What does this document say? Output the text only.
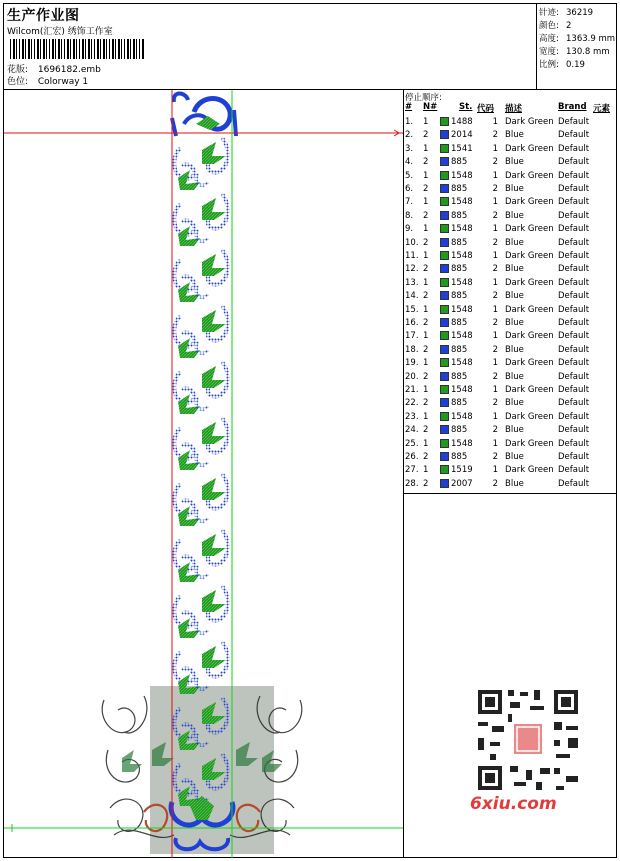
生产作业图
Wilcom(汇宏) 绣饰工作室
花版: 1696182.emb
色位: Colorway 1
针迹: 36219
颜色: 2
高度: 1363.9 mm
宽度: 130.8 mm
比例: 0.19
停止顺序:
# N#	St. 代码 描述	Brand 元素
1. 1	1488	1 Dark Green Default
2. 2	2014	2 Blue	Default
3. 1	1541	1 Dark Green Default
4. 2	885	2 Blue	Default
5. 1	1548	1 Dark Green Default
6. 2	885	2 Blue	Default
7. 1	1548	1 Dark Green Default
8. 2	885	2 Blue	Default
9. 1	1548	1 Dark Green Default
10. 2	885	2 Blue	Default
11. 1	1548	1 Dark Green Default
12. 2	885	2 Blue	Default
13. 1	1548	1 Dark Green Default
14. 2	885	2 Blue	Default
15. 1	1548	1 Dark Green Default
16. 2	885	2 Blue	Default
17. 1	1548	1 Dark Green Default
18. 2	885	2 Blue	Default
19. 1	1548	1 Dark Green Default
20. 2	885	2 Blue	Default
21. 1	1548	1 Dark Green Default
22. 2	885	2 Blue	Default
23. 1	1548	1 Dark Green Default
24. 2	885	2 Blue	Default
25. 1	1548	1 Dark Green Default
26. 2	885	2 Blue	Default
27. 1	1519	1 Dark Green Default
28. 2	2007	2 Blue	Default
6xiu.com
